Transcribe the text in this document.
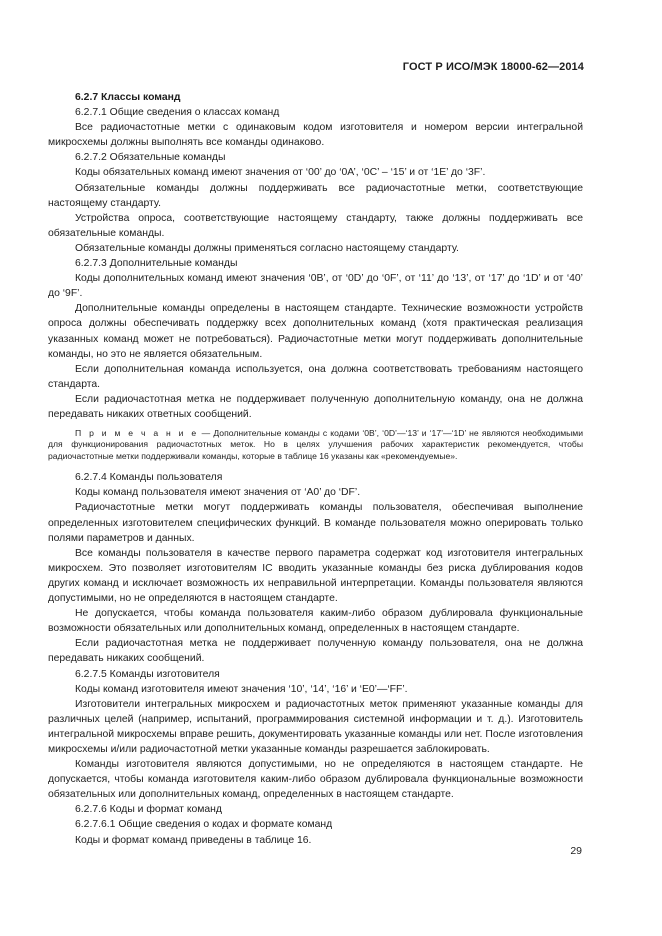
ГОСТ Р ИСО/МЭК 18000-62—2014

6.2.7 Классы команд

6.2.7.1 Общие сведения о классах команд

Все радиочастотные метки с одинаковым кодом изготовителя и номером версии интегральной микросхемы должны выполнять все команды одинаково.

6.2.7.2 Обязательные команды

Коды обязательных команд имеют значения от ‘00’ до ‘0A’, ‘0C’ – ‘15’ и от ‘1E’ до ‘3F’.

Обязательные команды должны поддерживать все радиочастотные метки, соответствующие настоящему стандарту.

Устройства опроса, соответствующие настоящему стандарту, также должны поддерживать все обязательные команды.

Обязательные команды должны применяться согласно настоящему стандарту.

6.2.7.3 Дополнительные команды

Коды дополнительных команд имеют значения ‘0B’, от ‘0D’ до ‘0F’, от ‘11’ до ‘13’, от ‘17’ до ‘1D’ и от ‘40’ до ‘9F’.

Дополнительные команды определены в настоящем стандарте. Технические возможности устройств опроса должны обеспечивать поддержку всех дополнительных команд (хотя практическая реализация указанных команд может не потребоваться). Радиочастотные метки могут поддерживать дополнительные команды, но это не является обязательным.

Если дополнительная команда используется, она должна соответствовать требованиям настоящего стандарта.

Если радиочастотная метка не поддерживает полученную дополнительную команду, она не должна передавать никаких ответных сообщений.

П р и м е ч а н и е — Дополнительные команды с кодами ‘0B’, ‘0D’—‘13’ и ‘17’—‘1D’ не являются необходимыми для функционирования радиочастотных меток. Но в целях улучшения рабочих характеристик рекомендуется, чтобы радиочастотные метки поддерживали команды, которые в таблице 16 указаны как «рекомендуемые».

6.2.7.4 Команды пользователя

Коды команд пользователя имеют значения от ‘A0’ до ‘DF’.

Радиочастотные метки могут поддерживать команды пользователя, обеспечивая выполнение определенных изготовителем специфических функций. В команде пользователя можно оперировать только полями параметров и данных.

Все команды пользователя в качестве первого параметра содержат код изготовителя интегральных микросхем. Это позволяет изготовителям IC вводить указанные команды без риска дублирования кодов других команд и исключает возможность их неправильной интерпретации. Команды пользователя являются допустимыми, но не определяются в настоящем стандарте.

Не допускается, чтобы команда пользователя каким-либо образом дублировала функциональные возможности обязательных или дополнительных команд, определенных в настоящем стандарте.

Если радиочастотная метка не поддерживает полученную команду пользователя, она не должна передавать никаких сообщений.

6.2.7.5 Команды изготовителя

Коды команд изготовителя имеют значения ‘10’, ‘14’, ‘16’ и ‘E0’—‘FF’.

Изготовители интегральных микросхем и радиочастотных меток применяют указанные команды для различных целей (например, испытаний, программирования системной информации и т. д.). Изготовитель интегральной микросхемы вправе решить, документировать указанные команды или нет. После изготовления микросхемы и/или радиочастотной метки указанные команды разрешается заблокировать.

Команды изготовителя являются допустимыми, но не определяются в настоящем стандарте. Не допускается, чтобы команда изготовителя каким-либо образом дублировала функциональные возможности обязательных или дополнительных команд, определенных в настоящем стандарте.

6.2.7.6 Коды и формат команд

6.2.7.6.1 Общие сведения о кодах и формате команд

Коды и формат команд приведены в таблице 16.

29
